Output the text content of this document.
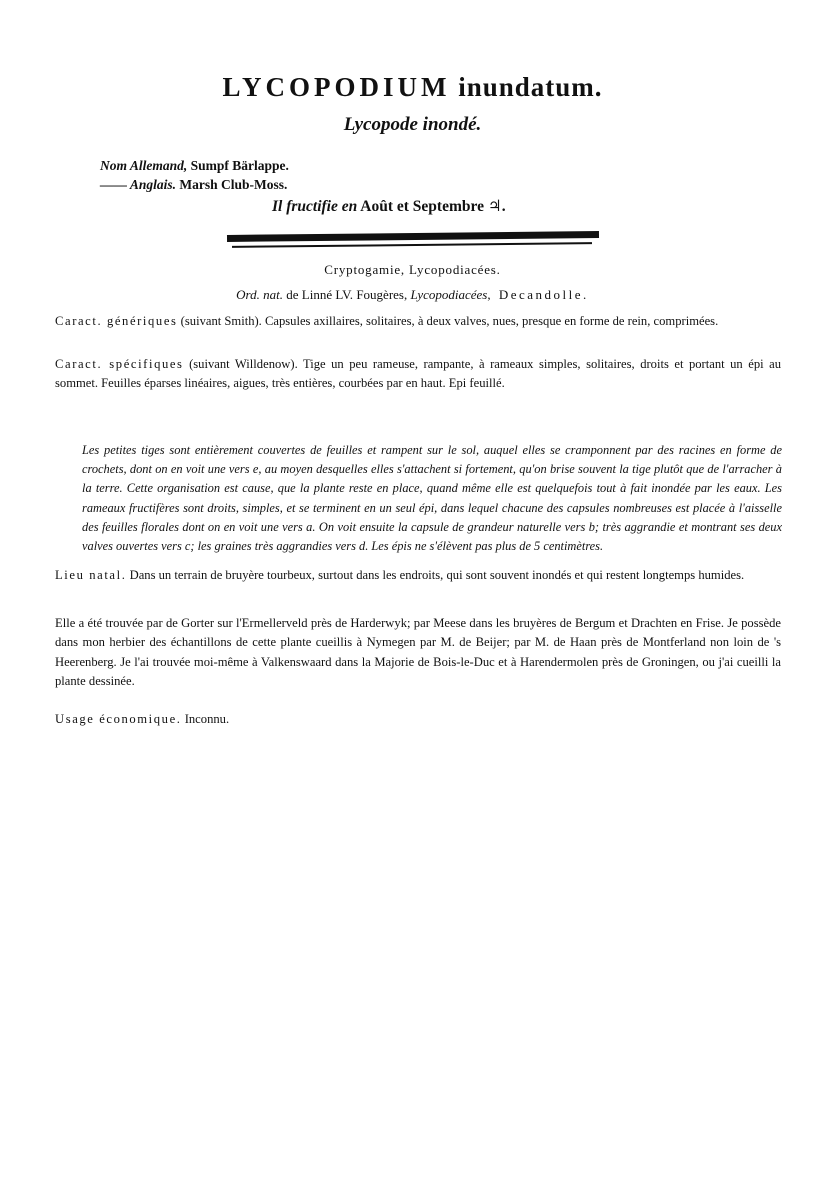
LYCOPODIUM inundatum.
Lycopode inondé.
Nom Allemand, Sumpf Bärlappe.
—— Anglais. Marsh Club-Moss.
Il fructifie en Août et Septembre ♃.
Cryptogamie, Lycopodiacées.
Ord. nat. de Linné LV. Fougères, Lycopodiacées, Decandolle.

Caract. génériques (suivant Smith). Capsules axillaires, solitaires, à deux valves, nues, presque en forme de rein, comprimées.

Caract. spécifiques (suivant Willdenow). Tige un peu rameuse, rampante, à rameaux simples, solitaires, droits et portant un épi au sommet. Feuilles éparses linéaires, aigues, très entières, courbées par en haut. Epi feuillé.

Les petites tiges sont entièrement couvertes de feuilles et rampent sur le sol, auquel elles se cramponnent par des racines en forme de crochets, dont on en voit une vers e, au moyen desquelles elles s'attachent si fortement, qu'on brise souvent la tige plutôt que de l'arracher à la terre. Cette organisation est cause, que la plante reste en place, quand même elle est quelquefois tout à fait inondée par les eaux. Les rameaux fructifères sont droits, simples, et se terminent en un seul épi, dans lequel chacune des capsules nombreuses est placée à l'aisselle des feuilles florales dont on en voit une vers a. On voit ensuite la capsule de grandeur naturelle vers b; très aggrandie et montrant ses deux valves ouvertes vers c; les graines très aggrandies vers d. Les épis ne s'élèvent pas plus de 5 centimètres.

Lieu natal. Dans un terrain de bruyère tourbeux, surtout dans les endroits, qui sont souvent inondés et qui restent longtemps humides.

Elle a été trouvée par de Gorter sur l'Ermellerveld près de Harderwyk; par Meese dans les bruyères de Bergum et Drachten en Frise. Je possède dans mon herbier des échantillons de cette plante cueillis à Nymegen par M. de Beijer; par M. de Haan près de Montferland non loin de 's Heerenberg. Je l'ai trouvée moi-même à Valkenswaard dans la Majorie de Bois-le-Duc et à Harendermolen près de Groningen, ou j'ai cueilli la plante dessinée.

Usage économique. Inconnu.
